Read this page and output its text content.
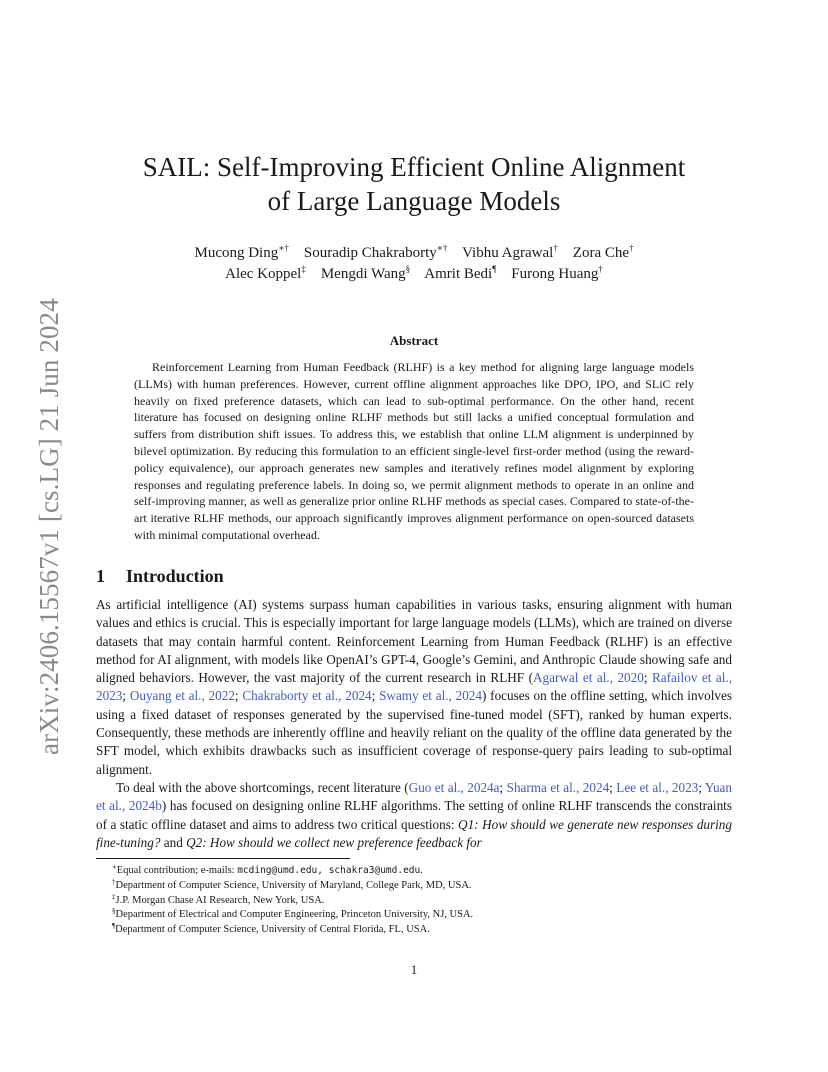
arXiv:2406.15567v1 [cs.LG] 21 Jun 2024
SAIL: Self-Improving Efficient Online Alignment
of Large Language Models
Mucong Ding∗† Souradip Chakraborty∗† Vibhu Agrawal† Zora Che†
Alec Koppel‡ Mengdi Wang§ Amrit Bedi¶ Furong Huang†
Abstract
Reinforcement Learning from Human Feedback (RLHF) is a key method for aligning large language models (LLMs) with human preferences. However, current offline alignment approaches like DPO, IPO, and SLiC rely heavily on fixed preference datasets, which can lead to sub-optimal performance. On the other hand, recent literature has focused on designing online RLHF methods but still lacks a unified conceptual formulation and suffers from distribution shift issues. To address this, we establish that online LLM alignment is underpinned by bilevel optimization. By reducing this formulation to an efficient single-level first-order method (using the reward-policy equivalence), our approach generates new samples and iteratively refines model alignment by exploring responses and regulating preference labels. In doing so, we permit alignment methods to operate in an online and self-improving manner, as well as generalize prior online RLHF methods as special cases. Compared to state-of-the-art iterative RLHF methods, our approach significantly improves alignment performance on open-sourced datasets with minimal computational overhead.
1 Introduction

As artificial intelligence (AI) systems surpass human capabilities in various tasks, ensuring alignment with human values and ethics is crucial. This is especially important for large language models (LLMs), which are trained on diverse datasets that may contain harmful content. Reinforcement Learning from Human Feedback (RLHF) is an effective method for AI alignment, with models like OpenAI’s GPT-4, Google’s Gemini, and Anthropic Claude showing safe and aligned behaviors. However, the vast majority of the current research in RLHF (Agarwal et al., 2020; Rafailov et al., 2023; Ouyang et al., 2022; Chakraborty et al., 2024; Swamy et al., 2024) focuses on the offline setting, which involves using a fixed dataset of responses generated by the supervised fine-tuned model (SFT), ranked by human experts. Consequently, these methods are inherently offline and heavily reliant on the quality of the offline data generated by the SFT model, which exhibits drawbacks such as insufficient coverage of response-query pairs leading to sub-optimal alignment.

To deal with the above shortcomings, recent literature (Guo et al., 2024a; Sharma et al., 2024; Lee et al., 2023; Yuan et al., 2024b) has focused on designing online RLHF algorithms. The setting of online RLHF transcends the constraints of a static offline dataset and aims to address two critical questions: Q1: How should we generate new responses during fine-tuning? and Q2: How should we collect new preference feedback for

∗Equal contribution; e-mails: mcding@umd.edu, schakra3@umd.edu.
†Department of Computer Science, University of Maryland, College Park, MD, USA.
‡J.P. Morgan Chase AI Research, New York, USA.
§Department of Electrical and Computer Engineering, Princeton University, NJ, USA.
¶Department of Computer Science, University of Central Florida, FL, USA.
1
